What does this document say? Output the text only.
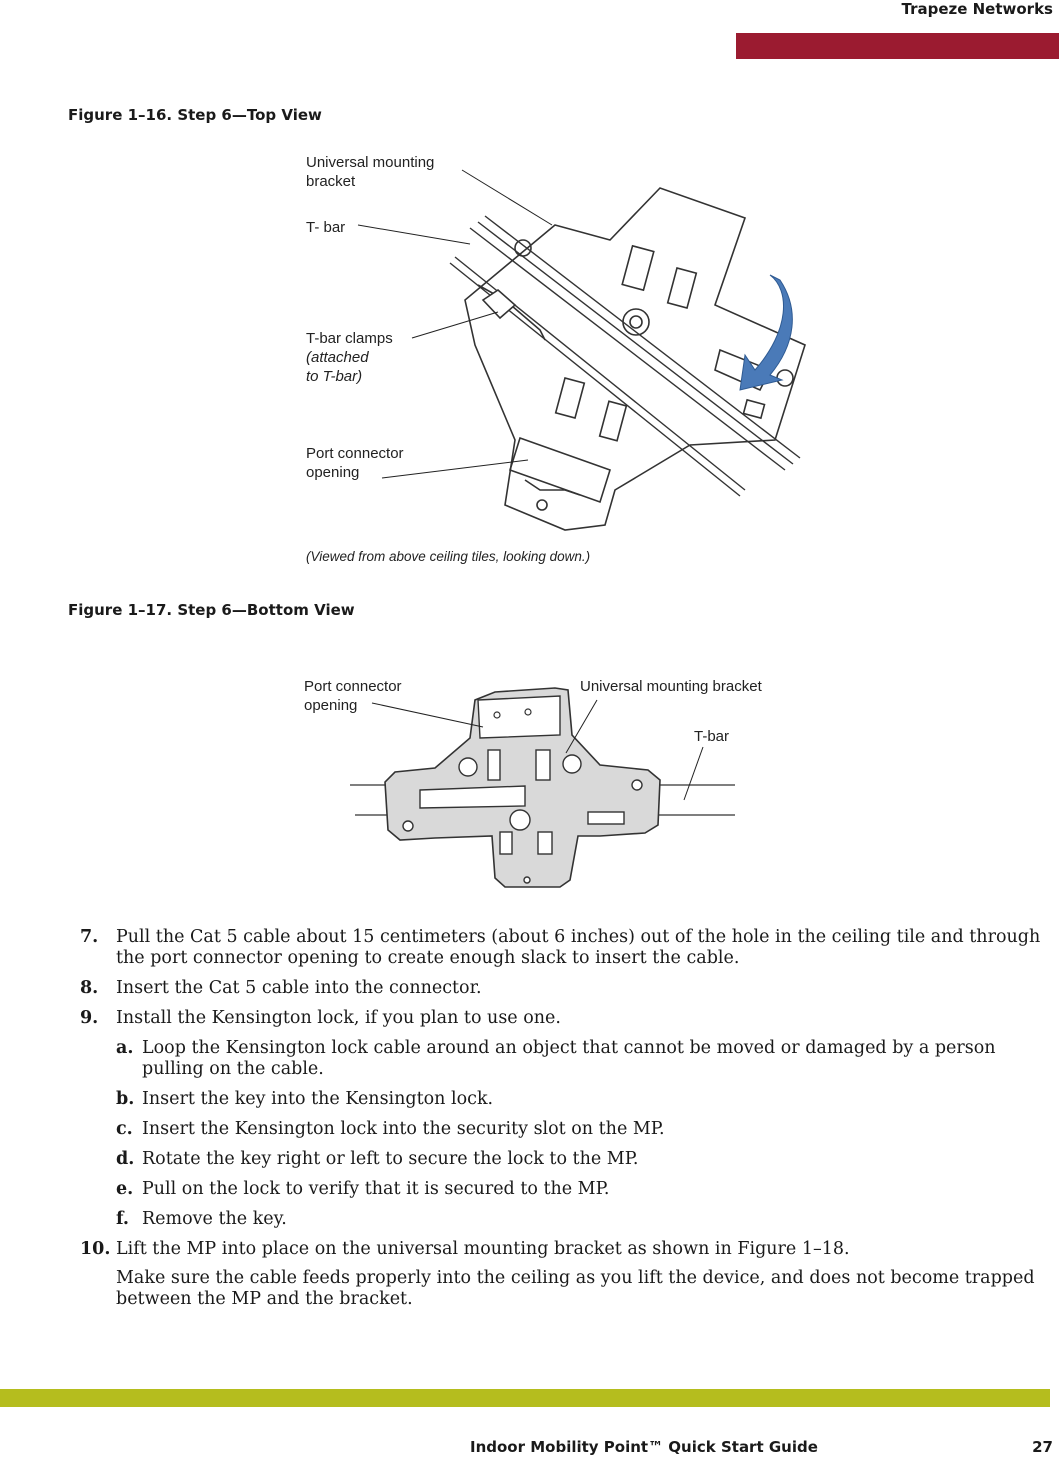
Trapeze Networks
Figure 1–16. Step 6—Top View
Universal mounting
bracket
T- bar
T-bar clamps
(attached
to T-bar)
Port connector
opening
(Viewed from above ceiling tiles, looking down.)
Figure 1–17. Step 6—Bottom View
Port connector
opening
Universal mounting bracket
T-bar
7. Pull the Cat 5 cable about 15 centimeters (about 6 inches) out of the hole in the ceiling tile and through the port connector opening to create enough slack to insert the cable.
8. Insert the Cat 5 cable into the connector.
9. Install the Kensington lock, if you plan to use one.
a. Loop the Kensington lock cable around an object that cannot be moved or damaged by a person pulling on the cable.
b. Insert the key into the Kensington lock.
c. Insert the Kensington lock into the security slot on the MP.
d. Rotate the key right or left to secure the lock to the MP.
e. Pull on the lock to verify that it is secured to the MP.
f. Remove the key.
10. Lift the MP into place on the universal mounting bracket as shown in Figure 1–18.
Make sure the cable feeds properly into the ceiling as you lift the device, and does not become trapped between the MP and the bracket.
Indoor Mobility Point™ Quick Start Guide	27
